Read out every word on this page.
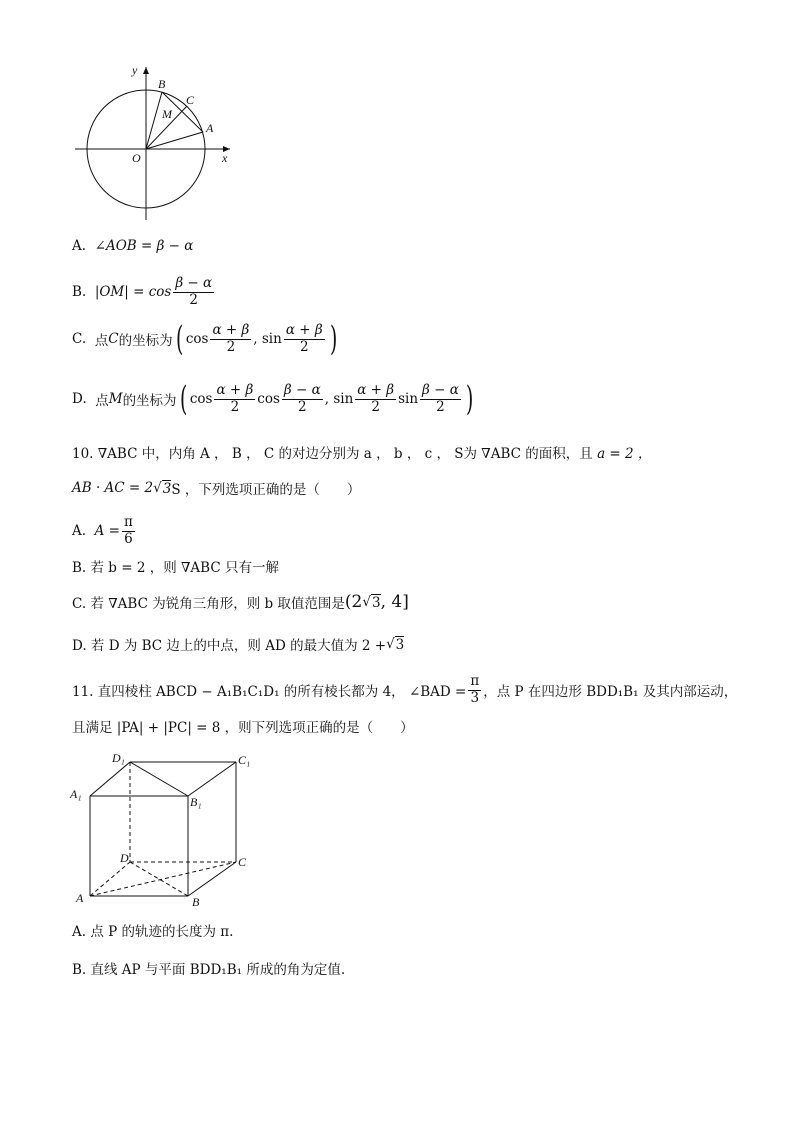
y
B
C
M
A
O	x
A.
∠AOB = β − α
B.
$|OM| = \cos \frac{\beta - \alpha}{2}$
C.
点 C 的坐标为 ( $\cos \frac{\alpha + \beta}{2}$ , $\sin \frac{\alpha + \beta}{2}$ )
D.
点 M 的坐标为 ( $\cos \frac{\alpha + \beta}{2}$ $\cos \frac{\beta - \alpha}{2}$ , $\sin \frac{\alpha + \beta}{2}$ $\sin \frac{\beta - \alpha}{2}$ )
10. ∇ABC 中，内角 A ， B ， C 的对边分别为 a ， b ， c ， S为 ∇ABC 的面积，且
a = 2 ，
AB · AC = 2 √ 3 S ，下列选项正确的是（　　）
A.
$A = \frac{\pi}{6}$
B. 若 b = 2 ，则 ∇ABC 只有一解
C. 若 ∇ABC 为锐角三角形，则 b 取值范围是 (2 √ 3 , 4]
D. 若 D 为 BC 边上的中点，则 AD 的最大值为 2 + √ 3
11. 直四棱柱 ABCD − A₁B₁C₁D₁ 的所有棱长都为 4， ∠BAD = $\frac{\pi}{3}$ ，点 P 在四边形 BDD₁B₁ 及其内部运动，
且满足 |PA| + |PC| = 8 ，则下列选项正确的是（　　）
D₁	C₁
A₁
B₁
D	C
A	B
A. 点 P 的轨迹的长度为 π.
B. 直线 AP 与平面 BDD₁B₁ 所成的角为定值.
